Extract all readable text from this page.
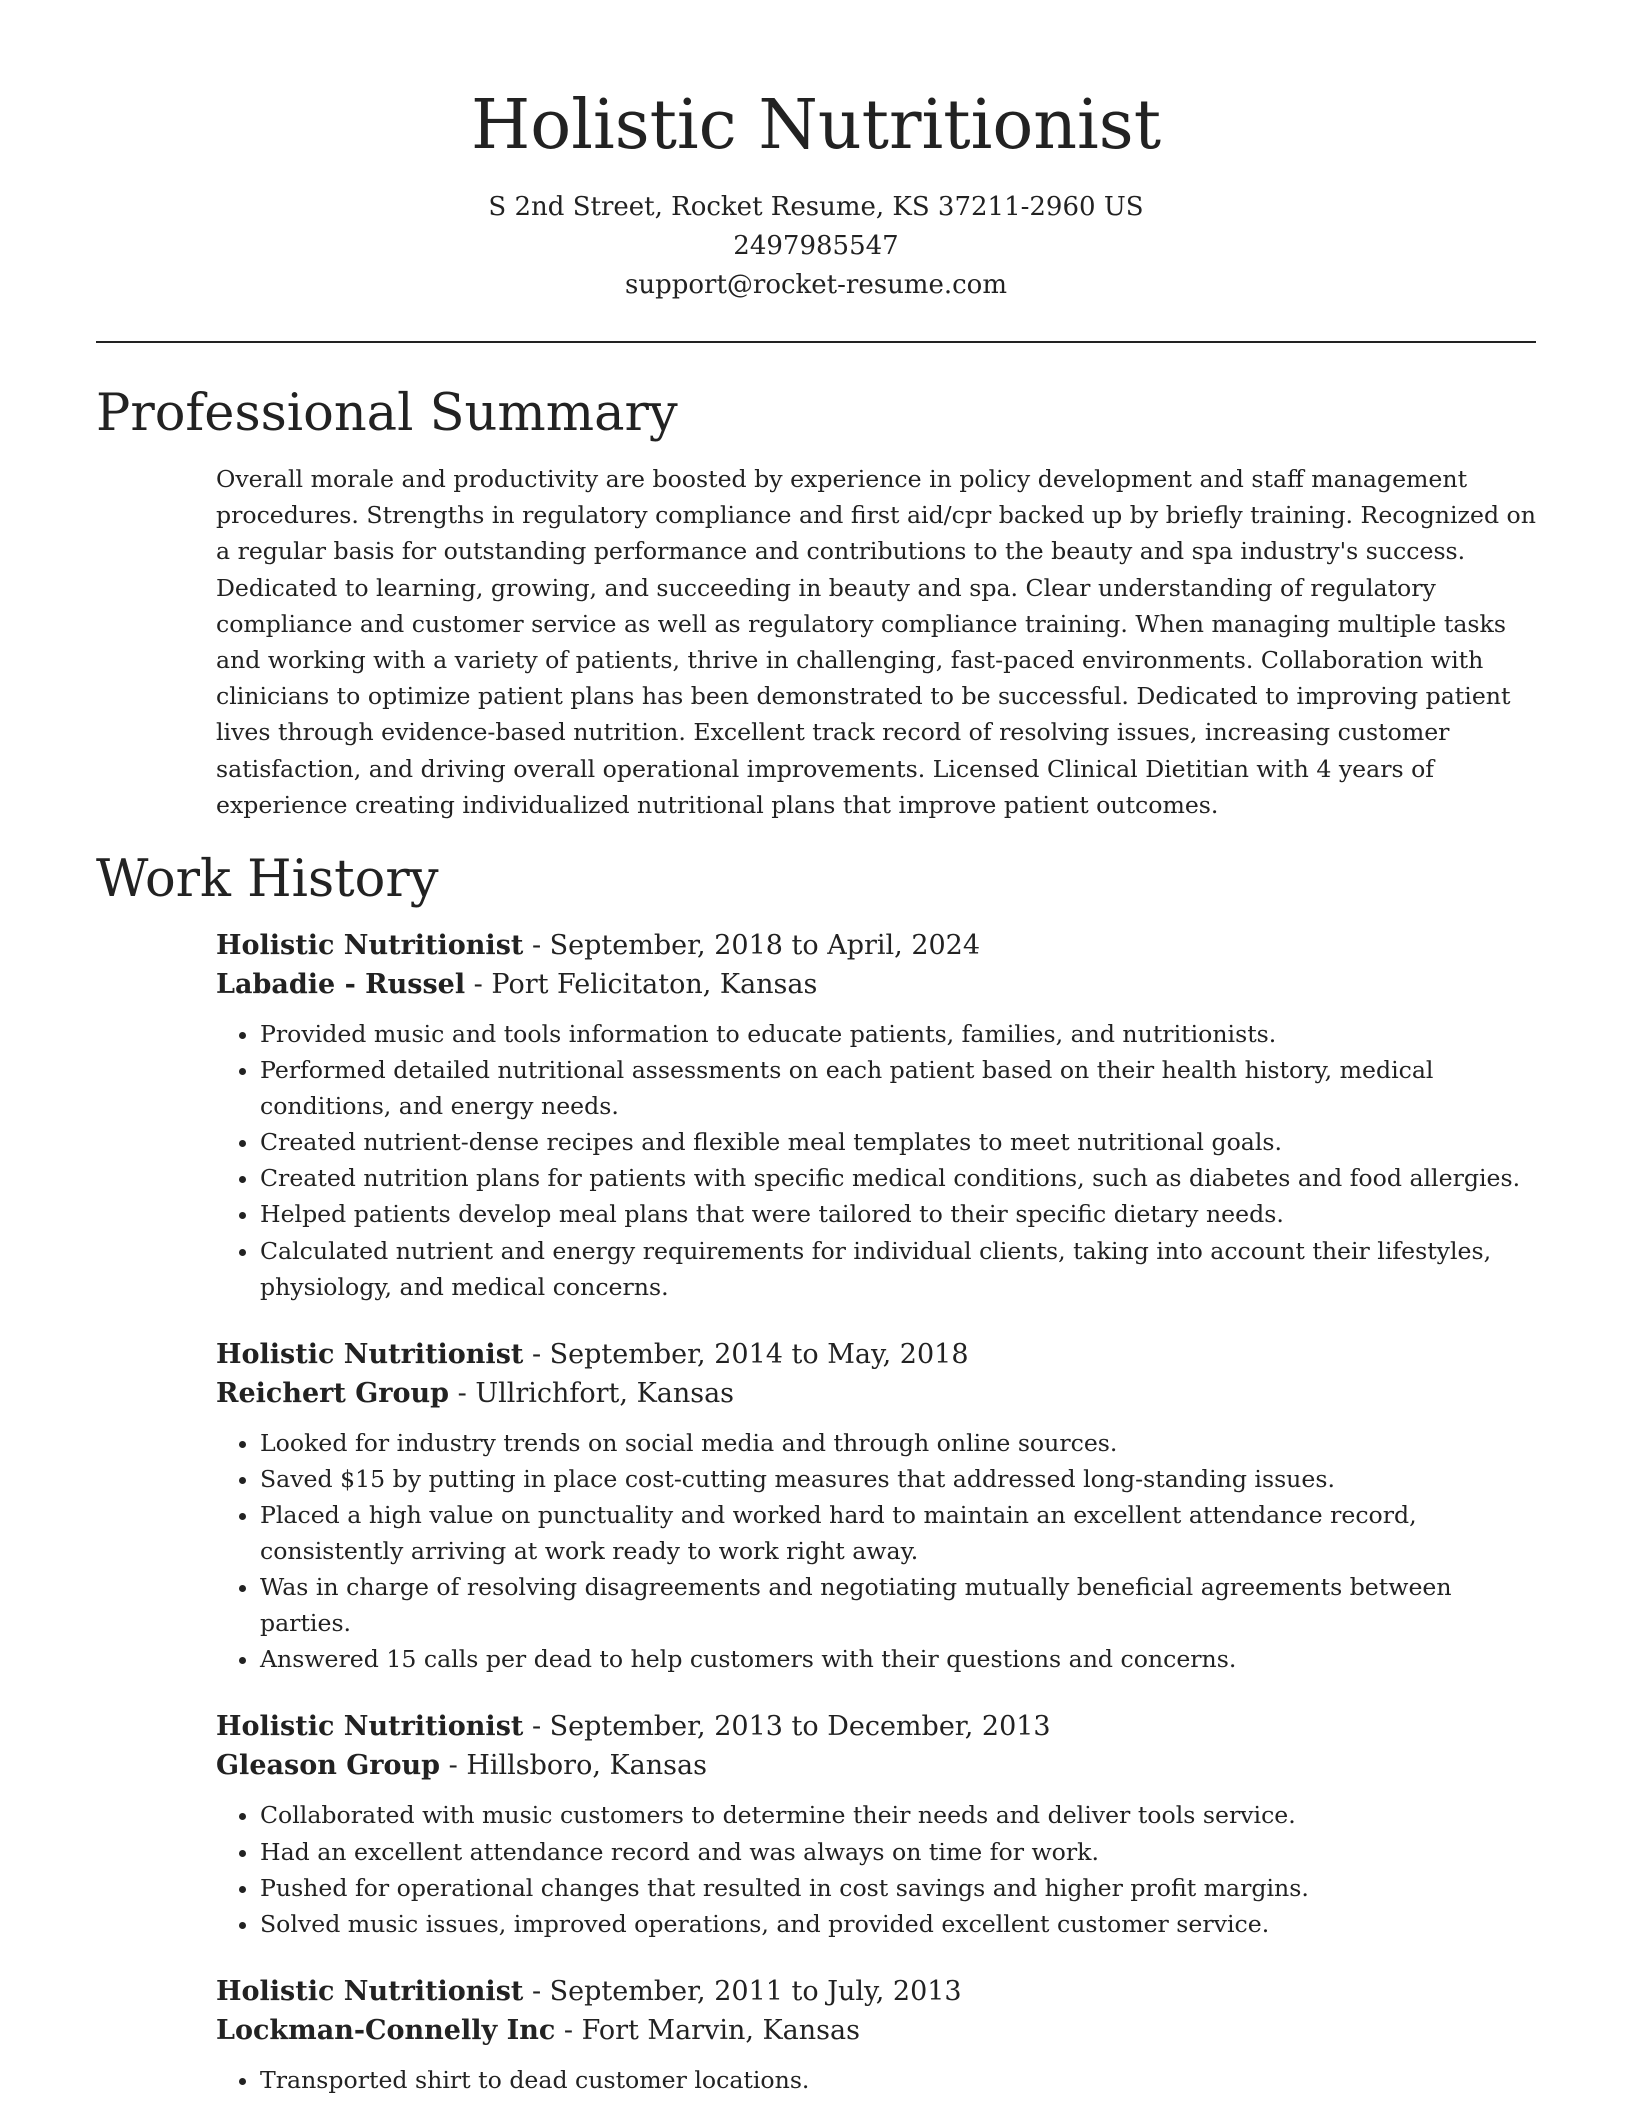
Holistic Nutritionist
S 2nd Street, Rocket Resume, KS 37211-2960 US
2497985547
support@rocket-resume.com
Professional Summary
Overall morale and productivity are boosted by experience in policy development and staff management procedures. Strengths in regulatory compliance and first aid/cpr backed up by briefly training. Recognized on a regular basis for outstanding performance and contributions to the beauty and spa industry's success. Dedicated to learning, growing, and succeeding in beauty and spa. Clear understanding of regulatory compliance and customer service as well as regulatory compliance training. When managing multiple tasks and working with a variety of patients, thrive in challenging, fast-paced environments. Collaboration with clinicians to optimize patient plans has been demonstrated to be successful. Dedicated to improving patient lives through evidence-based nutrition. Excellent track record of resolving issues, increasing customer satisfaction, and driving overall operational improvements. Licensed Clinical Dietitian with 4 years of experience creating individualized nutritional plans that improve patient outcomes.
Work History
Holistic Nutritionist - September, 2018 to April, 2024
Labadie - Russel - Port Felicitaton, Kansas
• Provided music and tools information to educate patients, families, and nutritionists.
• Performed detailed nutritional assessments on each patient based on their health history, medical conditions, and energy needs.
• Created nutrient-dense recipes and flexible meal templates to meet nutritional goals.
• Created nutrition plans for patients with specific medical conditions, such as diabetes and food allergies.
• Helped patients develop meal plans that were tailored to their specific dietary needs.
• Calculated nutrient and energy requirements for individual clients, taking into account their lifestyles, physiology, and medical concerns.
Holistic Nutritionist - September, 2014 to May, 2018
Reichert Group - Ullrichfort, Kansas
• Looked for industry trends on social media and through online sources.
• Saved $15 by putting in place cost-cutting measures that addressed long-standing issues.
• Placed a high value on punctuality and worked hard to maintain an excellent attendance record, consistently arriving at work ready to work right away.
• Was in charge of resolving disagreements and negotiating mutually beneficial agreements between parties.
• Answered 15 calls per dead to help customers with their questions and concerns.
Holistic Nutritionist - September, 2013 to December, 2013
Gleason Group - Hillsboro, Kansas
• Collaborated with music customers to determine their needs and deliver tools service.
• Had an excellent attendance record and was always on time for work.
• Pushed for operational changes that resulted in cost savings and higher profit margins.
• Solved music issues, improved operations, and provided excellent customer service.
Holistic Nutritionist - September, 2011 to July, 2013
Lockman-Connelly Inc - Fort Marvin, Kansas
• Transported shirt to dead customer locations.
